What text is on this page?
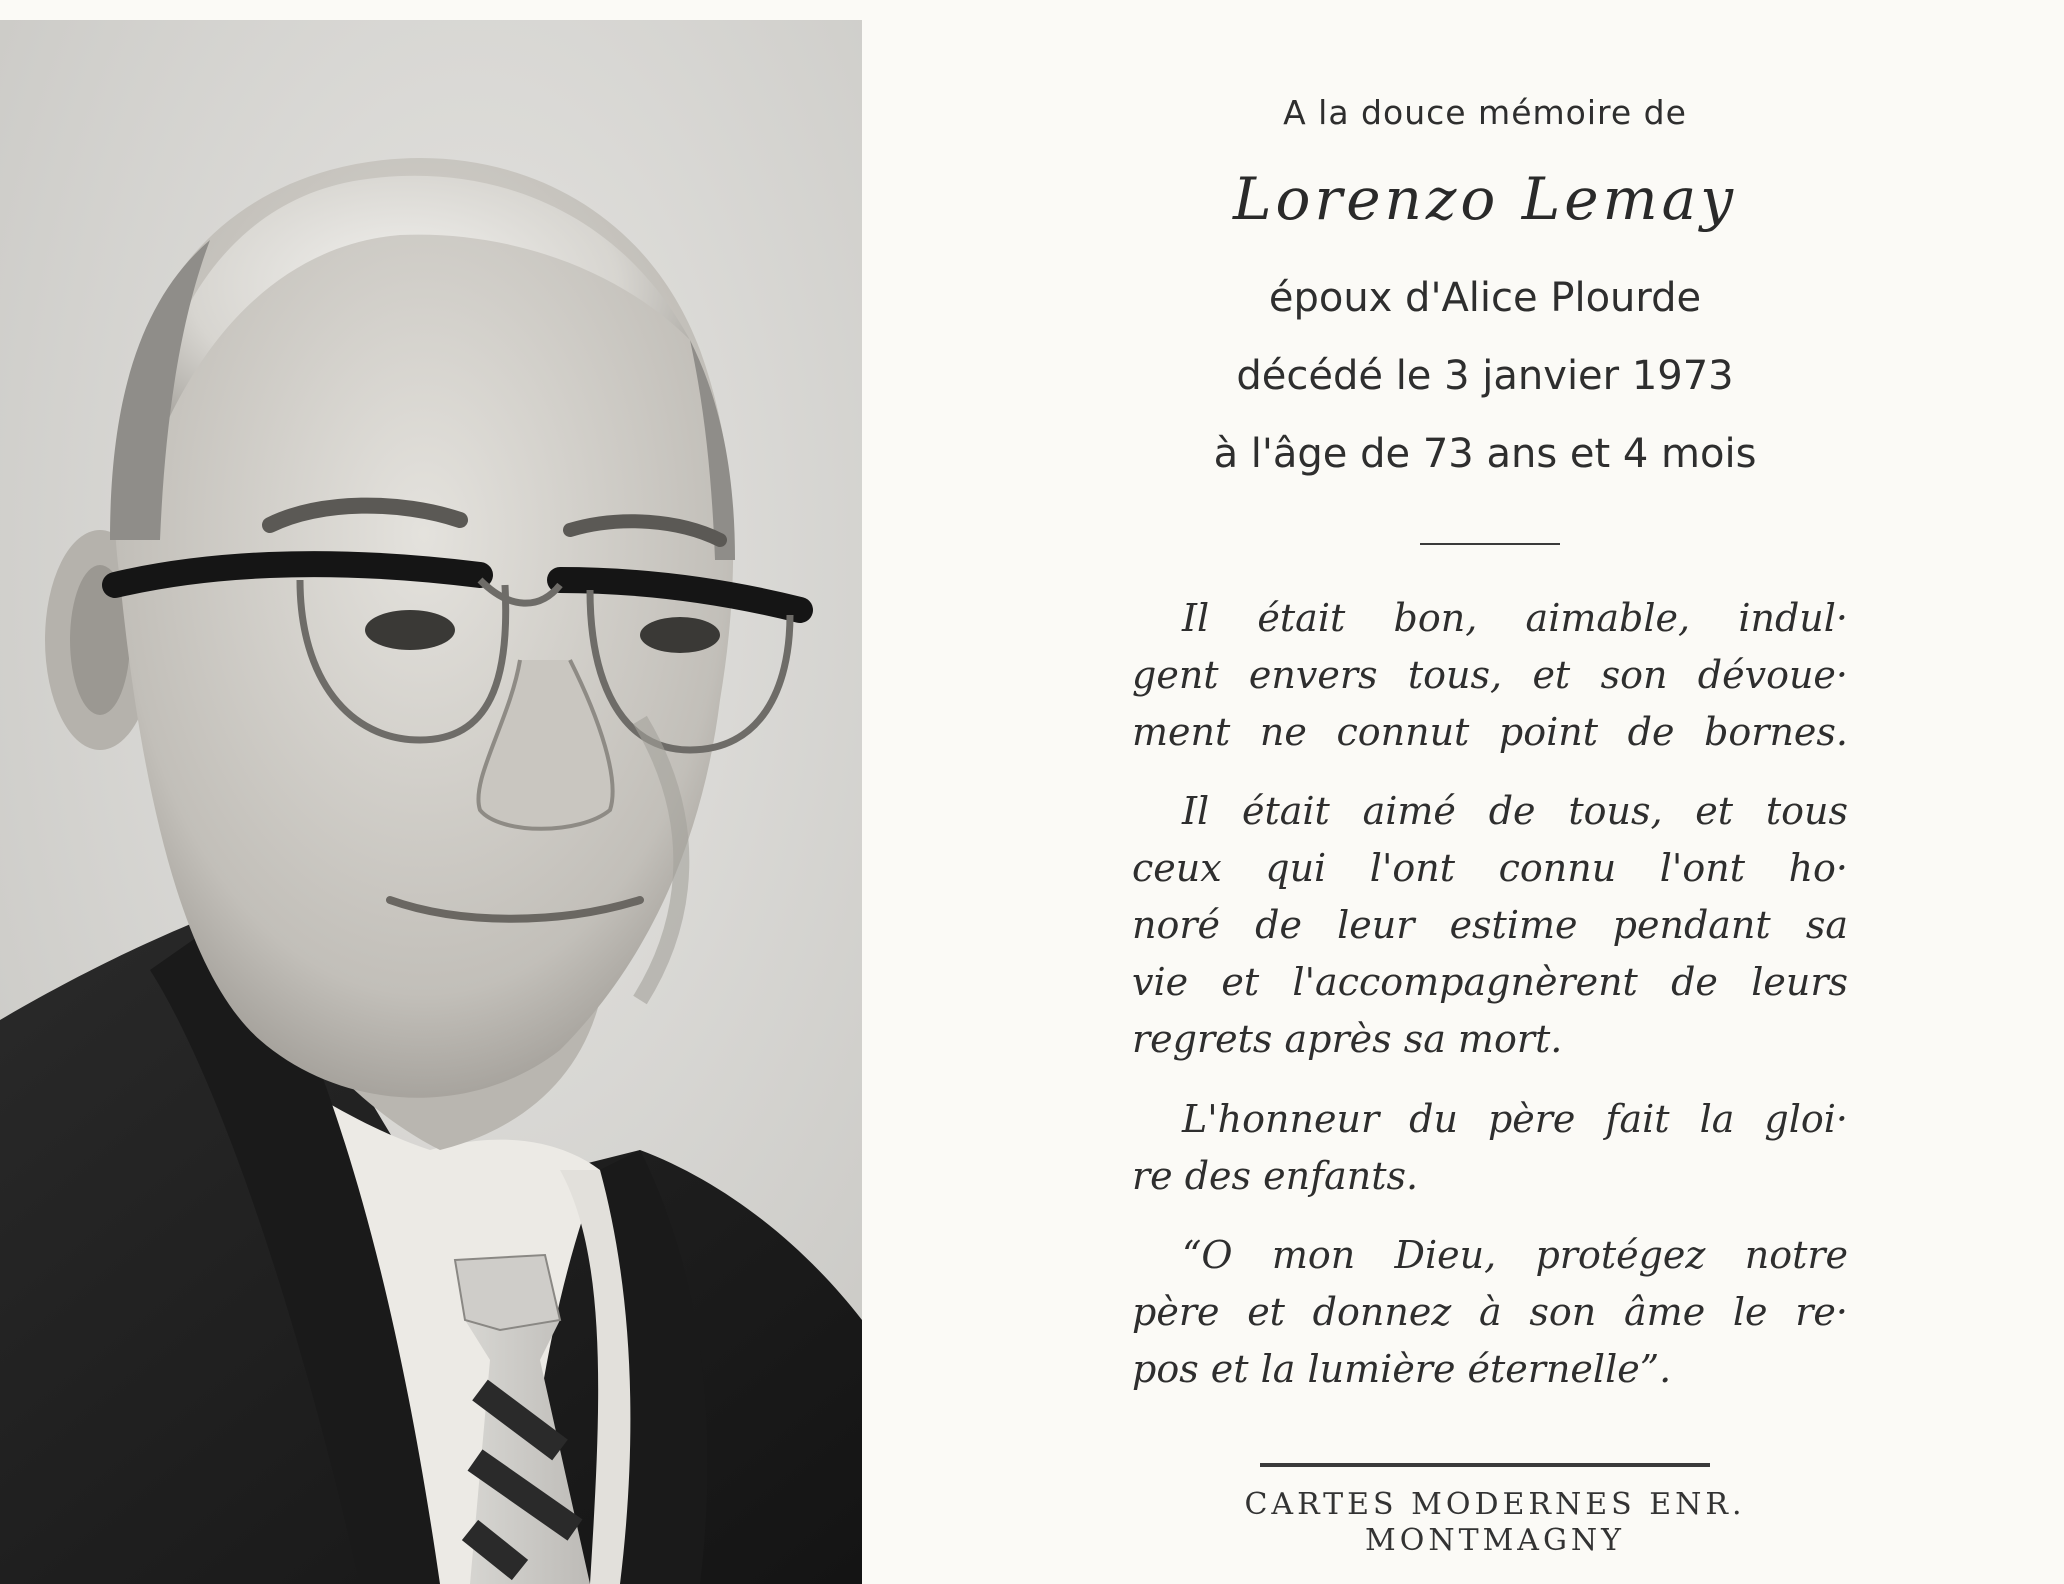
A la douce mémoire de
Lorenzo Lemay
époux d'Alice Plourde
décédé le 3 janvier 1973
à l'âge de 73 ans et 4 mois

Il était bon, aimable, indul·
gent envers tous, et son dévoue·
ment ne connut point de bornes.

Il était aimé de tous, et tous
ceux qui l'ont connu l'ont ho·
noré de leur estime pendant sa
vie et l'accompagnèrent de leurs
regrets après sa mort.

L'honneur du père fait la gloi·
re des enfants.

“O mon Dieu, protégez notre
père et donnez à son âme le re·
pos et la lumière éternelle”.

CARTES MODERNES ENR.
MONTMAGNY
